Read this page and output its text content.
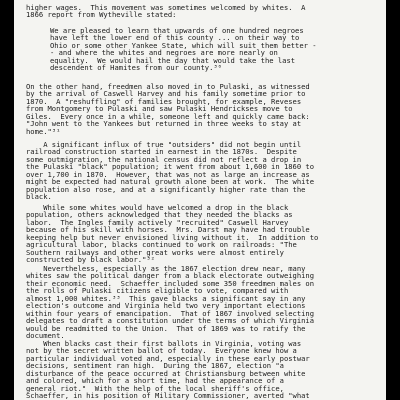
higher wages.  This movement was sometimes welcomed by whites.  A
1866 report from Wytheville stated:

We are pleased to learn that upwards of one hundred negroes
have left the lower end of this county ... on their way to
Ohio or some other Yankee State, which will suit them better -
- and where the whites and negroes are more nearly on
equality.  We would hail the day that would take the last
descendent of Hamites from our county.³⁰

On the other hand, freedmen also moved in to Pulaski, as witnessed
by the arrival of Caswell Harvey and his family sometime prior to
1870.  A "reshuffling" of families brought, for example, Reveses
from Montgomery to Pulaski and saw Pulaski Hendrickses move to
Giles.  Every once in a while, someone left and quickly came back:
"John went to the Yankees but returned in three weeks to stay at
home."³¹

A significant influx of true "outsiders" did not begin until
railroad construction started in earnest in the 1870s.  Despite
some outmigration, the national census did not reflect a drop in
the Pulaski "black" population; it went from about 1,600 in 1860 to
over 1,700 in 1870.  However, that was not as large an increase as
might be expected had natural growth alone been at work.  The white
population also rose, and at a significantly higher rate than the
black.

While some whites would have welcomed a drop in the black
population, others acknowledged that they needed the blacks as
labor.  The Ingles family actively "recruited" Caswell Harvey
because of his skill with horses.  Mrs. Darst may have had trouble
keeping help but never envisioned living without it.  In addition to
agricultural labor, blacks continued to work on railroads: "The
Southern railways and other great works were almost entirely
constructed by black labor."³²

Nevertheless, especially as the 1867 election drew near, many
whites saw the political danger from a black electorate outweighing
their economic need.  Schaeffer included some 350 freedmen males on
the rolls of Pulaski citizens eligible to vote, compared with
almost 1,000 whites.³³  This gave blacks a significant say in any
election's outcome and Virginia held two very important elections
within four years of emancipation.  That of 1867 involved selecting
delegates to draft a constitution under the terms of which Virginia
would be readmitted to the Union.  That of 1869 was to ratify the
document.

When blacks cast their first ballots in Virginia, voting was
not by the secret written ballot of today.  Everyone knew how a
particular individual voted and, especially in these early postwar
decisions, sentiment ran high.  During the 1867, election "a
disturbance of the peace occurred at Christiansburg between white
and colored, which for a short time, had the appearance of a
general riot."  With the help of the local sheriff's office,
Schaeffer, in his position of Military Commissioner, averted "what
